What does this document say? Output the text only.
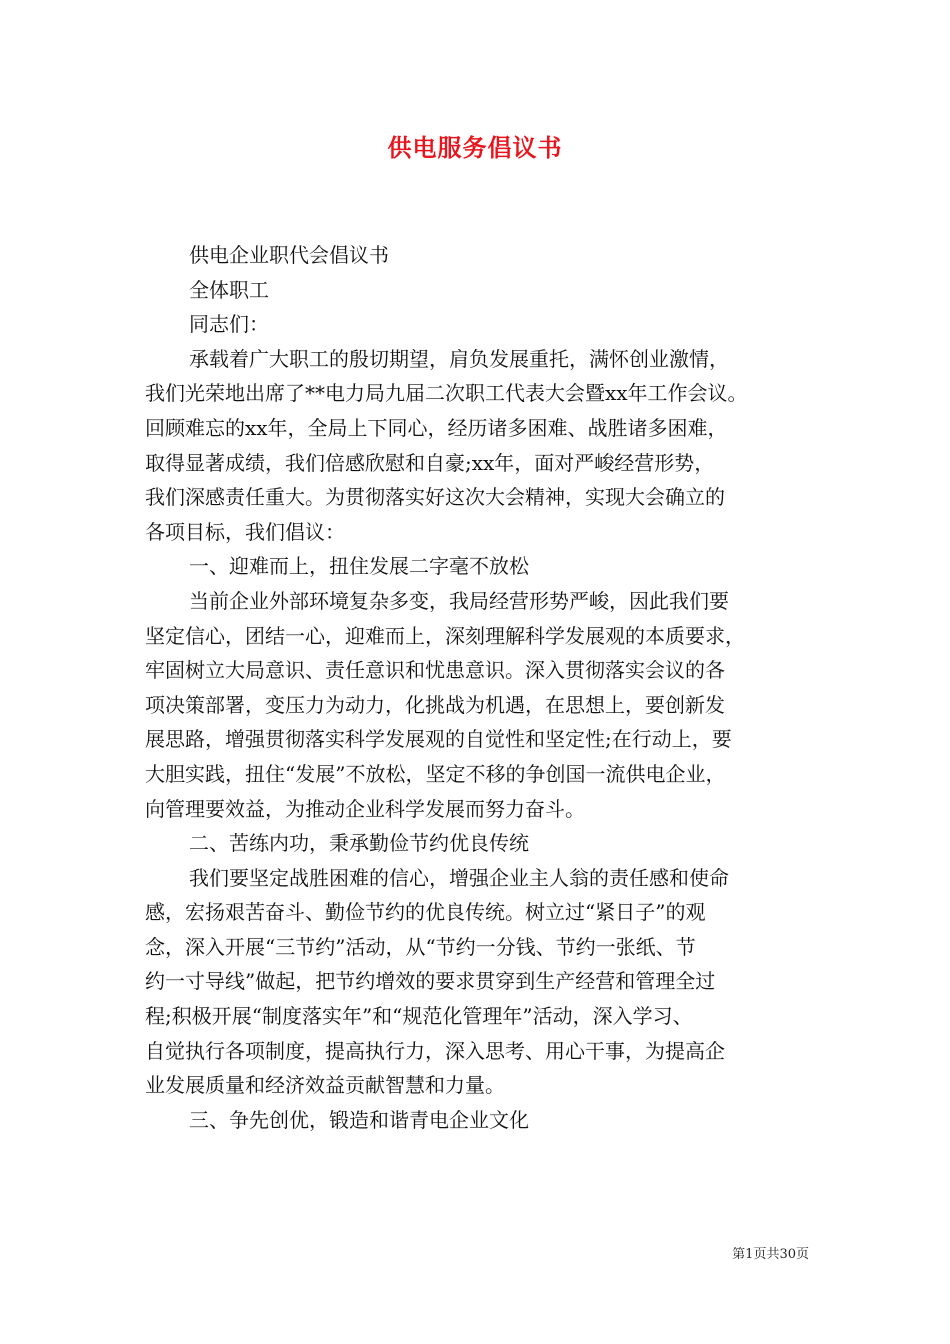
供电服务倡议书
供电企业职代会倡议书
全体职工
同志们：
承载着广大职工的殷切期望，肩负发展重托，满怀创业激情，
我们光荣地出席了**电力局九届二次职工代表大会暨xx年工作会议。
回顾难忘的xx年，全局上下同心，经历诸多困难、战胜诸多困难，
取得显著成绩，我们倍感欣慰和自豪;xx年，面对严峻经营形势，
我们深感责任重大。为贯彻落实好这次大会精神，实现大会确立的
各项目标，我们倡议：
一、迎难而上，扭住发展二字毫不放松
当前企业外部环境复杂多变，我局经营形势严峻，因此我们要
坚定信心，团结一心，迎难而上，深刻理解科学发展观的本质要求，
牢固树立大局意识、责任意识和忧患意识。深入贯彻落实会议的各
项决策部署，变压力为动力，化挑战为机遇，在思想上，要创新发
展思路，增强贯彻落实科学发展观的自觉性和坚定性;在行动上，要
大胆实践，扭住“发展”不放松，坚定不移的争创国一流供电企业，
向管理要效益，为推动企业科学发展而努力奋斗。
二、苦练内功，秉承勤俭节约优良传统
我们要坚定战胜困难的信心，增强企业主人翁的责任感和使命
感，宏扬艰苦奋斗、勤俭节约的优良传统。树立过“紧日子”的观
念，深入开展“三节约”活动，从“节约一分钱、节约一张纸、节
约一寸导线”做起，把节约增效的要求贯穿到生产经营和管理全过
程;积极开展“制度落实年”和“规范化管理年”活动，深入学习、
自觉执行各项制度，提高执行力，深入思考、用心干事，为提高企
业发展质量和经济效益贡献智慧和力量。
三、争先创优，锻造和谐青电企业文化
第1页共30页
